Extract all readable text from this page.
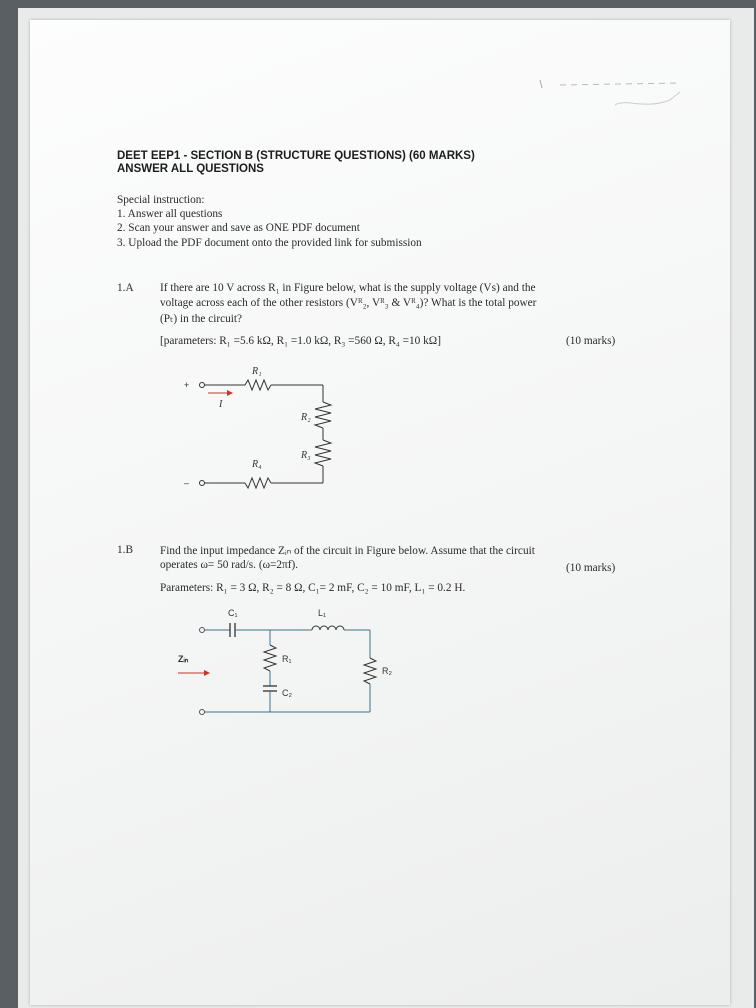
DEET EEP1 - SECTION B (STRUCTURE QUESTIONS) (60 MARKS)
ANSWER ALL QUESTIONS
Special instruction:
1. Answer all questions
2. Scan your answer and save as ONE PDF document
3. Upload the PDF document onto the provided link for submission
1.A If there are 10 V across R₁ in Figure below, what is the supply voltage (Vs) and the
voltage across each of the other resistors (Vᴿ₂, Vᴿ₃ & Vᴿ₄)? What is the total power
(Pₜ) in the circuit?
[parameters: R₁ =5.6 kΩ, R₁ =1.0 kΩ, R₃ =560 Ω, R₄ =10 kΩ]	(10 marks)
+
–
I
R₁
R₂
R₃
R₄
1.B Find the input impedance Zᵢₙ of the circuit in Figure below. Assume that the circuit
operates ω= 50 rad/s. (ω=2πf).	(10 marks)
Parameters: R₁ = 3 Ω, R₂ = 8 Ω, C₁= 2 mF, C₂ = 10 mF, L₁ = 0.2 H.
C₁	L₁
Zᵢₙ	R₁
R₂
C₂
